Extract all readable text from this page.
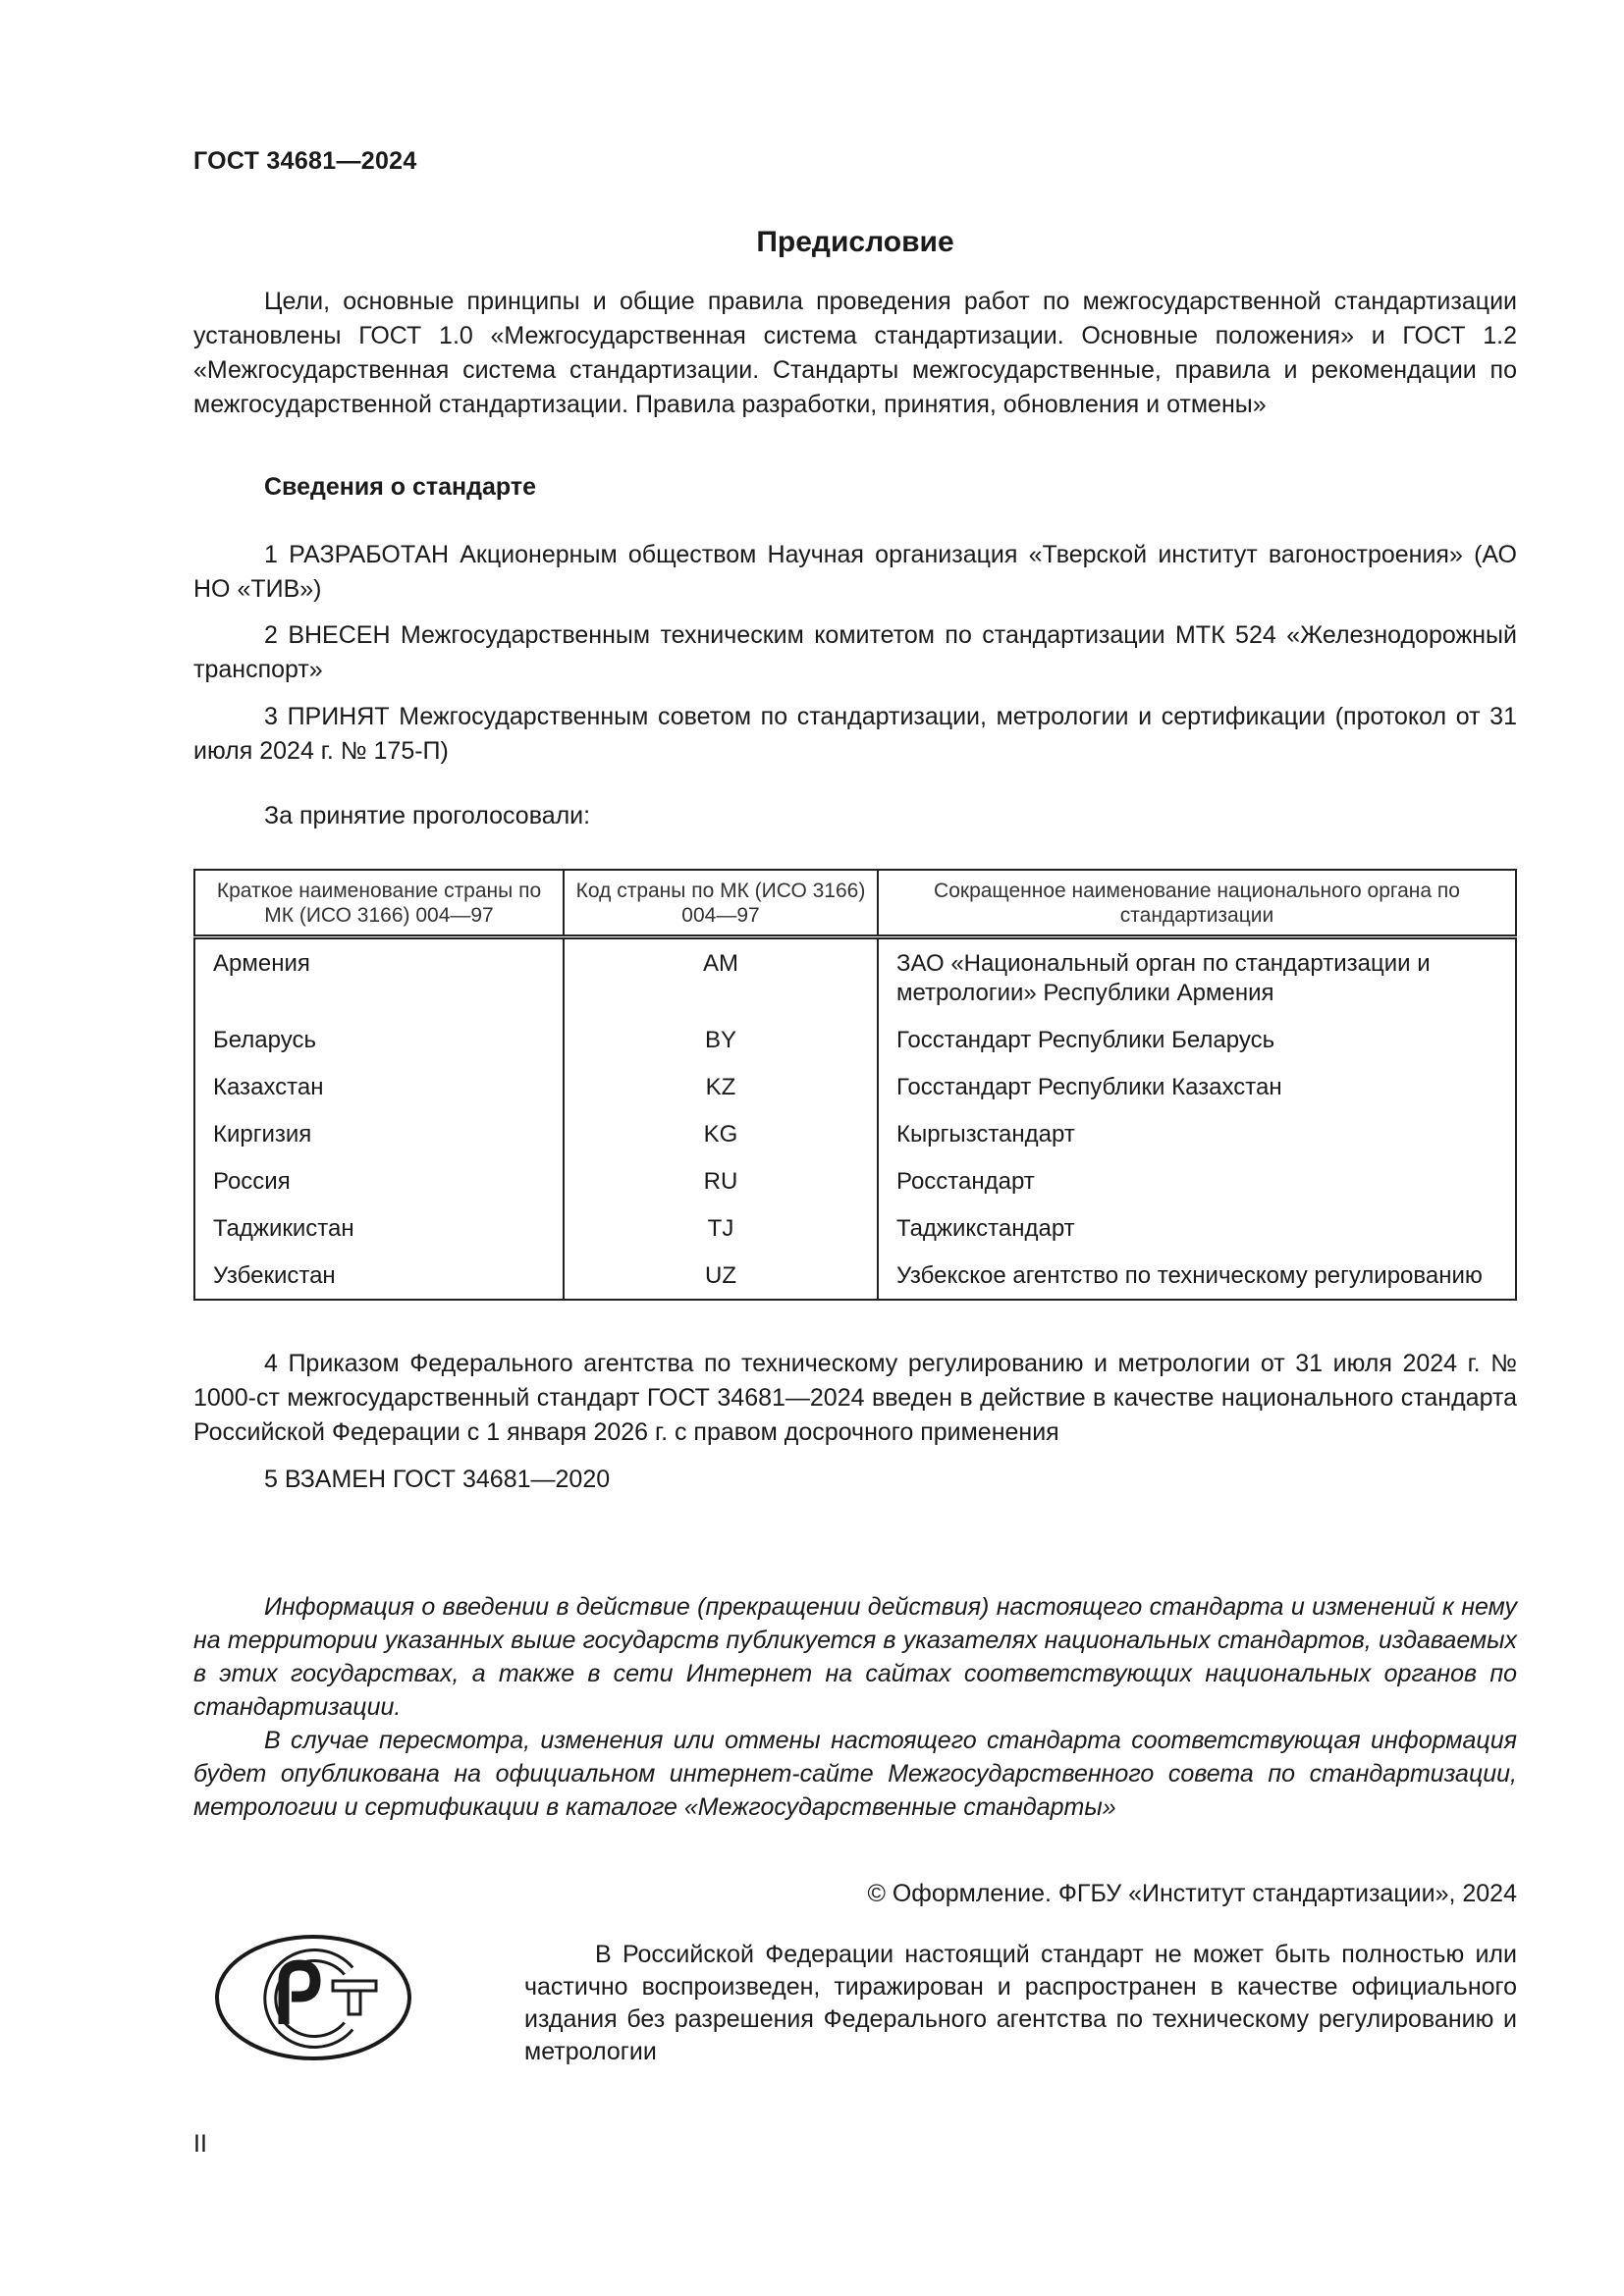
ГОСТ 34681—2024
Предисловие
Цели, основные принципы и общие правила проведения работ по межгосударственной стандартизации установлены ГОСТ 1.0 «Межгосударственная система стандартизации. Основные положения» и ГОСТ 1.2 «Межгосударственная система стандартизации. Стандарты межгосударственные, правила и рекомендации по межгосударственной стандартизации. Правила разработки, принятия, обновления и отмены»
Сведения о стандарте
1 РАЗРАБОТАН Акционерным обществом Научная организация «Тверской институт вагоностроения» (АО НО «ТИВ»)
2 ВНЕСЕН Межгосударственным техническим комитетом по стандартизации МТК 524 «Железнодорожный транспорт»
3 ПРИНЯТ Межгосударственным советом по стандартизации, метрологии и сертификации (протокол от 31 июля 2024 г. № 175-П)
За принятие проголосовали:
Краткое наименование страны по МК (ИСО 3166) 004—97	Код страны по МК (ИСО 3166) 004—97	Сокращенное наименование национального органа по стандартизации
Армения	AM	ЗАО «Национальный орган по стандартизации и метрологии» Республики Армения
Беларусь	BY	Госстандарт Республики Беларусь
Казахстан	KZ	Госстандарт Республики Казахстан
Киргизия	KG	Кыргызстандарт
Россия	RU	Росстандарт
Таджикистан	TJ	Таджикстандарт
Узбекистан	UZ	Узбекское агентство по техническому регулированию
4 Приказом Федерального агентства по техническому регулированию и метрологии от 31 июля 2024 г. № 1000-ст межгосударственный стандарт ГОСТ 34681—2024 введен в действие в качестве национального стандарта Российской Федерации с 1 января 2026 г. с правом досрочного применения
5 ВЗАМЕН ГОСТ 34681—2020
Информация о введении в действие (прекращении действия) настоящего стандарта и изменений к нему на территории указанных выше государств публикуется в указателях национальных стандартов, издаваемых в этих государствах, а также в сети Интернет на сайтах соответствующих национальных органов по стандартизации.
В случае пересмотра, изменения или отмены настоящего стандарта соответствующая информация будет опубликована на официальном интернет-сайте Межгосударственного совета по стандартизации, метрологии и сертификации в каталоге «Межгосударственные стандарты»
© Оформление. ФГБУ «Институт стандартизации», 2024
В Российской Федерации настоящий стандарт не может быть полностью или частично воспроизведен, тиражирован и распространен в качестве официального издания без разрешения Федерального агентства по техническому регулированию и метрологии
II
